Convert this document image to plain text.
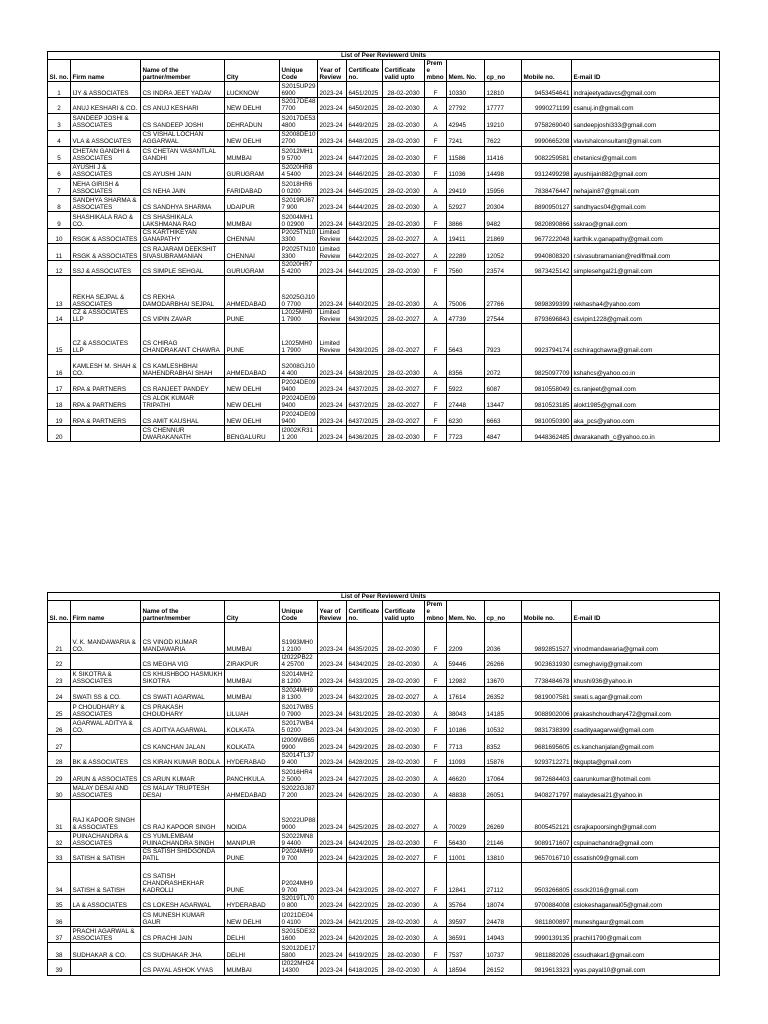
List of Peer Reviewerd Units												
Sl. no.	Firm name	Name of the partner/member	City	Unique Code	Year of Review	Certificate no.	Certificate valid upto	Preme mbno	Mem. No.	cp_no	Mobile no.	E-mail ID
1	IJY & ASSOCIATES	CS INDRA JEET YADAV	LUCKNOW	S2015UP29 6900	2023-24	6451/2025	28-02-2030	F	10330	12810	9453454641	indrajeetyadavcs@gmail.com
2	ANUJ KESHARI & CO.	CS ANUJ KESHARI	NEW DELHI	S2017DE48 7700	2023-24	6450/2025	28-02-2030	A	27792	17777	9990271199	csanuj.in@gmail.com
3	SANDEEP JOSHI & ASSOCIATES	CS SANDEEP JOSHI	DEHRADUN	S2017DE53 4800	2023-24	6449/2025	28-02-2030	A	42945	19210	9758269040	sandeepjoshi333@gmail.com
4	VLA & ASSOCIATES	CS VISHAL LOCHAN AGGARWAL	NEW DELHI	S2008DE10 2700	2023-24	6448/2025	28-02-2030	F	7241	7622	9990665208	vlavishalconsultant@gmail.com
5	CHETAN GANDHI & ASSOCIATES	CS CHETAN VASANTLAL GANDHI	MUMBAI	S2012MH19 5700	2023-24	6447/2025	28-02-2030	F	11586	11416	9082259581	chetanicsi@gmail.com
6	AYUSHI J & ASSOCIATES	CS AYUSHI JAIN	GURUGRAM	S2020HR84 5400	2023-24	6446/2025	28-02-2030	F	11036	14498	9312499298	ayushijain882@gmail.com
7	NEHA GIRISH & ASSOCIATES	CS NEHA JAIN	FARIDABAD	S2018HR60 0200	2023-24	6445/2025	28-02-2030	A	29419	15956	7838476447	nehajain87@gmail.com
8	SANDHYA SHARMA & ASSOCIATES	CS SANDHYA SHARMA	UDAIPUR	S2019RJ677 900	2023-24	6444/2025	28-02-2030	A	52927	20304	8890950127	sandhyacs04@gmail.com
9	SHASHIKALA RAO & CO.	CS SHASHIKALA LAKSHMANA RAO	MUMBAI	S2004MH10 02900	2023-24	6443/2025	28-02-2030	F	3866	9482	9820890866	sskrao@gmail.com
10	RSGK & ASSOCIATES	CS KARTHIKEYAN GANAPATHY	CHENNAI	P2025TN10 3300	Limited Review	6442/2025	28-02-2027	A	19411	21869	9677222048	karthik.v.ganapathy@gmail.com
11	RSGK & ASSOCIATES	CS RAJARAM DEEKSHIT SIVASUBRAMANIAN	CHENNAI	P2025TN10 3300	Limited Review	6442/2025	28-02-2027	A	22289	12052	9940808320	r.sivasubramanian@rediffmail.com
12	SSJ & ASSOCIATES	CS SIMPLE SEHGAL	GURUGRAM	S2020HR75 4200	2023-24	6441/2025	28-02-2030	F	7560	23574	9873425142	simplesehgal21@gmail.com
13	REKHA SEJPAL & ASSOCIATES	CS REKHA DAMODARBHAI SEJPAL	AHMEDABAD	S2025GJ100 7700	2023-24	6440/2025	28-02-2030	A	75006	27766	9898399399	rekhasha4@yahoo.com
14	CZ & ASSOCIATES LLP	CS VIPIN ZAVAR	PUNE	L2025MH01 7900	Limited Review	6439/2025	28-02-2027	A	47739	27544	8793696843	csvipin1228@gmail.com
15	CZ & ASSOCIATES LLP	CS CHIRAG CHANDRAKANT CHAWRA	PUNE	L2025MH01 7900	Limited Review	6439/2025	28-02-2027	F	5643	7923	9923794174	cschiragchawra@gmail.com
16	KAMLESH M. SHAH & CO.	CS KAMLESHBHAI MAHENDRABHAI SHAH	AHMEDABAD	S2008GJ104 400	2023-24	6438/2025	28-02-2030	A	8356	2072	9825097709	kshahcs@yahoo.co.in
17	RPA & PARTNERS	CS RANJEET PANDEY	NEW DELHI	P2024DE09 9400	2023-24	6437/2025	28-02-2027	F	5922	6087	9810558049	cs.ranjeet@gmail.com
18	RPA & PARTNERS	CS ALOK KUMAR TRIPATHI	NEW DELHI	P2024DE09 9400	2023-24	6437/2025	28-02-2027	F	27448	13447	9810523185	alokt1985@gmail.com
19	RPA & PARTNERS	CS AMIT KAUSHAL	NEW DELHI	P2024DE09 9400	2023-24	6437/2025	28-02-2027	F	6230	6663	9810050390	aka_pcs@yahoo.com
20		CS CHENNUR DWARAKANATH	BENGALURU	I2002KR311 200	2023-24	6436/2025	28-02-2030	F	7723	4847	9448362485	dwarakanath_c@yahoo.co.in
List of Peer Reviewerd Units												
Sl. no.	Firm name	Name of the partner/member	City	Unique Code	Year of Review	Certificate no.	Certificate valid upto	Preme mbno	Mem. No.	cp_no	Mobile no.	E-mail ID
21	V. K. MANDAWARIA & CO.	CS VINOD KUMAR MANDAWARIA	MUMBAI	S1993MH01 2100	2023-24	6435/2025	28-02-2030	F	2209	2036	9892851527	vinodmandawaria@gmail.com
22		CS MEGHA VIG	ZIRAKPUR	I2022PB224 25700	2023-24	6434/2025	28-02-2030	A	59446	26266	9023631930	csmeghavig@gmail.com
23	K SIKOTRA & ASSOCIATES	CS KHUSHBOO HASMUKH SIKOTRA	MUMBAI	S2014MH28 1200	2023-24	6433/2025	28-02-2030	F	12982	13670	7738484678	khushi936@yahoo.in
24	SWATI SS & CO.	CS SWATI AGARWAL	MUMBAI	S2024MH98 1300	2023-24	6432/2025	28-02-2027	A	17614	26352	9819007581	swati.s.agar@gmail.com
25	P CHOUDHARY & ASSOCIATES	CS PRAKASH CHOUDHARY	LILUAH	S2017WB50 7900	2023-24	6431/2025	28-02-2030	A	38043	14185	9088902006	prakashchoudhary472@gmail.com
26	AGARWAL ADITYA & CO.	CS ADITYA AGARWAL	KOLKATA	S2017WB45 0200	2023-24	6430/2025	28-02-2030	F	10186	10532	9831738399	csadityaagarwal@gmail.com
27		CS KANCHAN JALAN	KOLKATA	I2009WB65 9900	2023-24	6429/2025	28-02-2030	F	7713	8352	9681695605	cs.kanchanjalan@gmail.com
28	BK & ASSOCIATES	CS KIRAN KUMAR BODLA	HYDERABAD	S2014TL379 400	2023-24	6428/2025	28-02-2030	F	11093	15876	9293712271	bkgupta@gmail.com
29	ARUN & ASSOCIATES	CS ARUN KUMAR	PANCHKULA	S2016HR42 5000	2023-24	6427/2025	28-02-2030	A	46620	17064	9872684403	caarunkumar@hotmail.com
30	MALAY DESAI AND ASSOCIATES	CS MALAY TRUPTESH DESAI	AHMEDABAD	S2022GJ877 200	2023-24	6426/2025	28-02-2030	A	48838	26051	9408271797	malaydesai21@yahoo.in
31	RAJ KAPOOR SINGH & ASSOCIATES	CS RAJ KAPOOR SINGH	NOIDA	S2022UP88 9000	2023-24	6425/2025	28-02-2027	A	70029	26269	8005452121	csrajkapoorsingh@gmail.com
32	PUINACHANDRA & ASSOCIATES	CS YUMLEMBAM PUINACHANDRA SINGH	MANIPUR	S2022MN89 4400	2023-24	6424/2025	28-02-2030	F	56430	21146	9089171607	cspuinachandra@gmail.com
33	SATISH & SATISH	CS SATISH SHIDGONDA PATIL	PUNE	P2024MH99 700	2023-24	6423/2025	28-02-2027	F	11001	13810	9657016710	cssatish09@gmail.com
34	SATISH & SATISH	CS SATISH CHANDRASHEKHAR KADROLLI	PUNE	P2024MH99 700	2023-24	6423/2025	28-02-2027	F	12841	27112	9503266805	cssck2016@gmail.com
35	LA & ASSOCIATES	CS LOKESH AGARWAL	HYDERABAD	S2019TL700 800	2023-24	6422/2025	28-02-2030	A	35764	18074	9700884008	cslokeshagarwal05@gmail.com
36		CS MUNESH KUMAR GAUR	NEW DELHI	I2021DE040 4100	2023-24	6421/2025	28-02-2030	A	39597	24478	9811800897	muneshgaur@gmail.com
37	PRACHI AGARWAL & ASSOCIATES	CS PRACHI JAIN	DELHI	S2015DE32 1600	2023-24	6420/2025	28-02-2030	A	36591	14943	9990139135	prachiI1790@gmail.com
38	SUDHAKAR & CO.	CS SUDHAKAR JHA	DELHI	S2012DE17 5800	2023-24	6419/2025	28-02-2030	F	7537	10737	9811882026	cssudhakar1@gmail.com
39		CS PAYAL ASHOK VYAS	MUMBAI	I2022MH24 14300	2023-24	6418/2025	28-02-2030	A	18594	26152	9819613323	vyas.payal10@gmail.com
